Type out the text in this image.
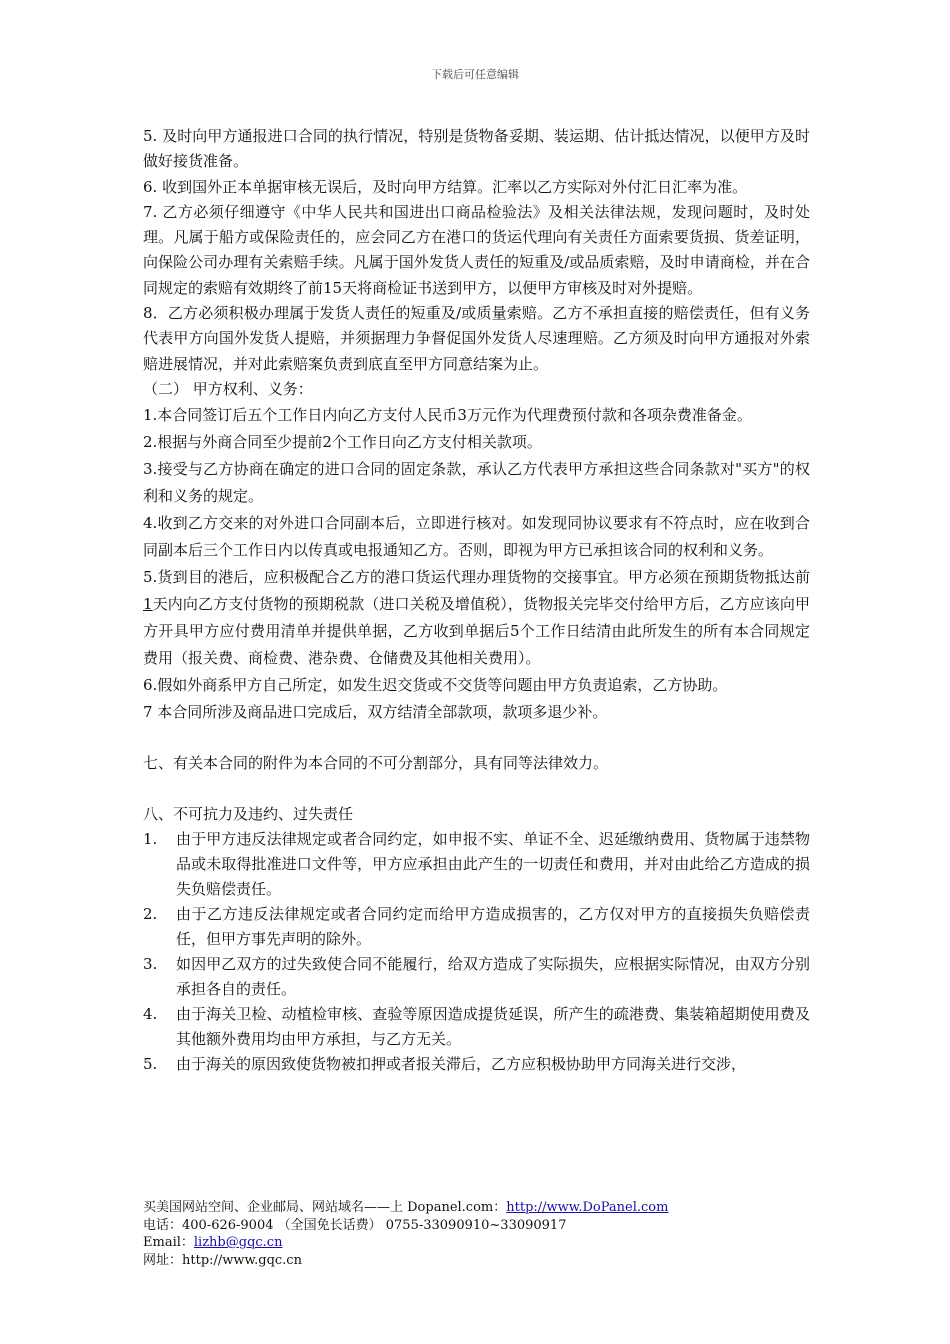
下载后可任意编辑

5. 及时向甲方通报进口合同的执行情况，特别是货物备妥期、装运期、估计抵达情况，以便甲方及时做好接货准备。

6. 收到国外正本单据审核无误后，及时向甲方结算。汇率以乙方实际对外付汇日汇率为准。

7. 乙方必须仔细遵守《中华人民共和国进出口商品检验法》及相关法律法规，发现问题时，及时处理。凡属于船方或保险责任的，应会同乙方在港口的货运代理向有关责任方面索要货损、货差证明，向保险公司办理有关索赔手续。凡属于国外发货人责任的短重及/或品质索赔，及时申请商检，并在合同规定的索赔有效期终了前15天将商检证书送到甲方，以便甲方审核及时对外提赔。

8．乙方必须积极办理属于发货人责任的短重及/或质量索赔。乙方不承担直接的赔偿责任，但有义务代表甲方向国外发货人提赔，并须据理力争督促国外发货人尽速理赔。乙方须及时向甲方通报对外索赔进展情况，并对此索赔案负责到底直至甲方同意结案为止。

（二） 甲方权利、义务：

1.本合同签订后五个工作日内向乙方支付人民币3万元作为代理费预付款和各项杂费准备金。

2.根据与外商合同至少提前2个工作日向乙方支付相关款项。

3.接受与乙方协商在确定的进口合同的固定条款，承认乙方代表甲方承担这些合同条款对"买方"的权利和义务的规定。

4.收到乙方交来的对外进口合同副本后，立即进行核对。如发现同协议要求有不符点时，应在收到合同副本后三个工作日内以传真或电报通知乙方。否则，即视为甲方已承担该合同的权利和义务。

5.货到目的港后，应积极配合乙方的港口货运代理办理货物的交接事宜。甲方必须在预期货物抵达前1天内向乙方支付货物的预期税款（进口关税及增值税），货物报关完毕交付给甲方后，乙方应该向甲方开具甲方应付费用清单并提供单据，乙方收到单据后5个工作日结清由此所发生的所有本合同规定费用（报关费、商检费、港杂费、仓储费及其他相关费用）。

6.假如外商系甲方自己所定，如发生迟交货或不交货等问题由甲方负责追索，乙方协助。

7 本合同所涉及商品进口完成后，双方结清全部款项，款项多退少补。

七、有关本合同的附件为本合同的不可分割部分，具有同等法律效力。

八、不可抗力及违约、过失责任

1.	由于甲方违反法律规定或者合同约定，如申报不实、单证不全、迟延缴纳费用、货物属于违禁物品或未取得批准进口文件等，甲方应承担由此产生的一切责任和费用，并对由此给乙方造成的损失负赔偿责任。
2.	由于乙方违反法律规定或者合同约定而给甲方造成损害的，乙方仅对甲方的直接损失负赔偿责任，但甲方事先声明的除外。
3.	如因甲乙双方的过失致使合同不能履行，给双方造成了实际损失，应根据实际情况，由双方分别承担各自的责任。
4.	由于海关卫检、动植检审核、查验等原因造成提货延误，所产生的疏港费、集装箱超期使用费及其他额外费用均由甲方承担，与乙方无关。
5.	由于海关的原因致使货物被扣押或者报关滞后，乙方应积极协助甲方同海关进行交涉，
买美国网站空间、企业邮局、网站域名——上 Dopanel.com：http://www.DoPanel.com
电话：400-626-9004 （全国免长话费） 0755-33090910~33090917
Email：lizhb@gqc.cn
网址：http://www.gqc.cn
